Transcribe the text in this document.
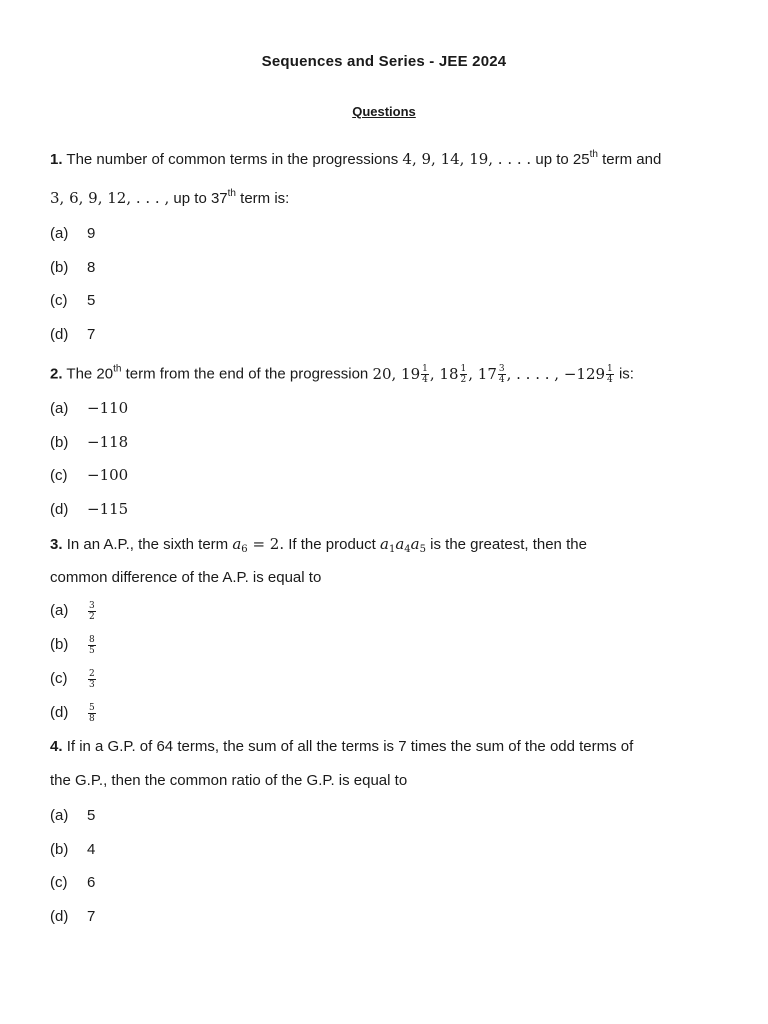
Sequences and Series - JEE 2024
Questions
1. The number of common terms in the progressions 4, 9, 14, 19, . . . . up to 25th term and
3, 6, 9, 12, . . . , up to 37th term is:
(a) 9
(b) 8
(c) 5
(d) 7
2. The 20th term from the end of the progression 20, $19 \frac{1}{4}$ , $18 \frac{1}{2}$ , $17 \frac{3}{4}$ , . . . . , $-129 \frac{1}{4}$ is:
(a) −110
(b) −118
(c) −100
(d) −115
3. In an A.P., the sixth term $a_6 = 2$. If the product $a_1a_4a_5$ is the greatest, then the
common difference of the A.P. is equal to
$(a) \frac{3}{2}$
$(b) \frac{8}{5}$
$(c) \frac{2}{3}$
$(d) \frac{5}{8}$
4. If in a G.P. of 64 terms, the sum of all the terms is 7 times the sum of the odd terms of
the G.P., then the common ratio of the G.P. is equal to
(a) 5
(b) 4
(c) 6
(d) 7
